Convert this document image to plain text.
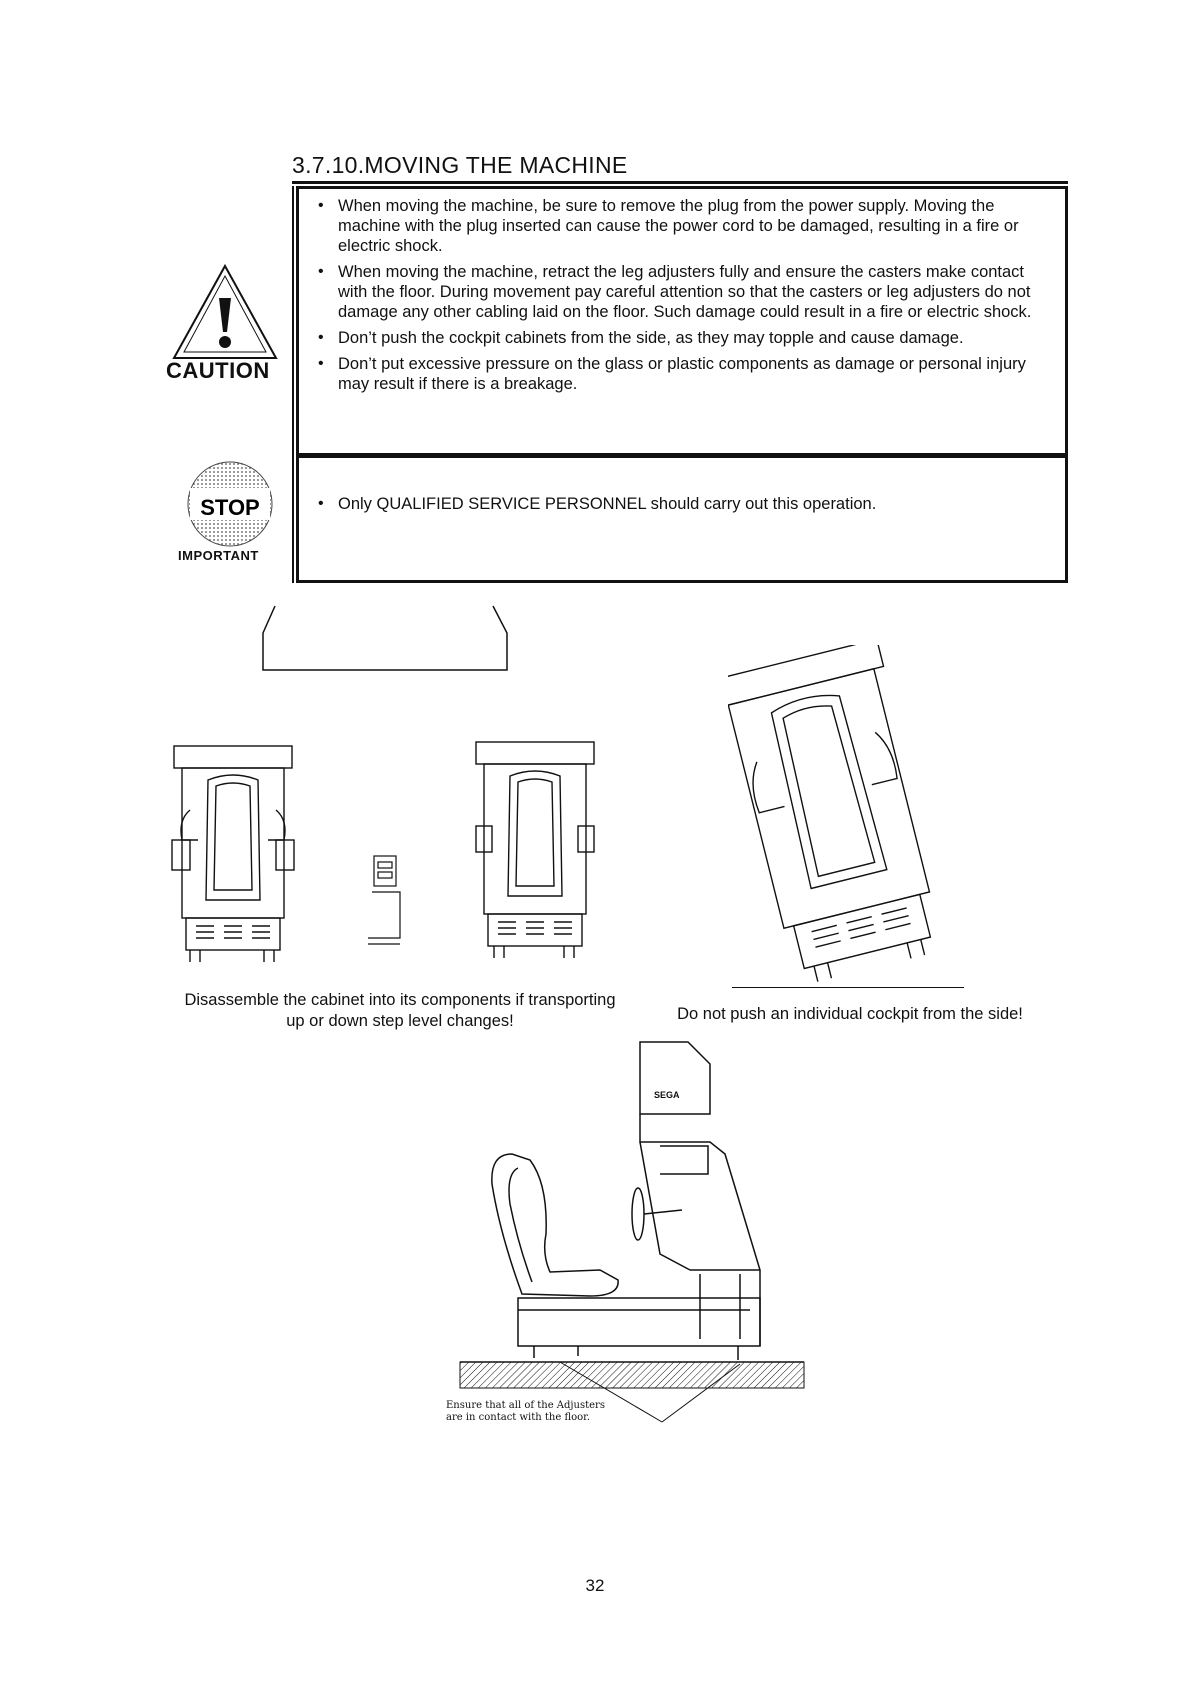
3.7.10.MOVING THE MACHINE
• When moving the machine, be sure to remove the plug from the power supply. Moving the machine with the plug inserted can cause the power cord to be damaged, resulting in a fire or electric shock.
• When moving the machine, retract the leg adjusters fully and ensure the casters make contact with the floor. During movement pay careful attention so that the casters or leg adjusters do not damage any other cabling laid on the floor. Such damage could result in a fire or electric shock.
• Don’t push the cockpit cabinets from the side, as they may topple and cause damage.
• Don’t put excessive pressure on the glass or plastic components as damage or personal injury may result if there is a breakage.
• Only QUALIFIED SERVICE PERSONNEL should carry out this operation.
CAUTION
STOP
IMPORTANT
Disassemble the cabinet into its components if transporting up or down step level changes!	Do not push an individual cockpit from the side!
SEGA
Ensure that all of the Adjusters are in contact with the floor.
32
